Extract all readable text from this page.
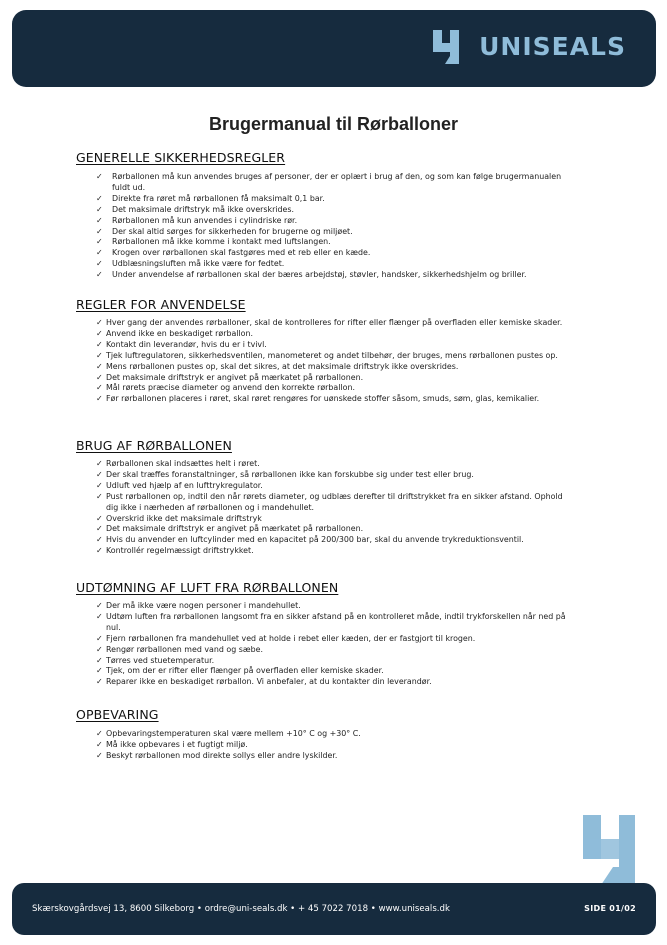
UNISEALS
Brugermanual til Rørballoner
GENERELLE SIKKERHEDSREGLER
✓ Rørballonen må kun anvendes bruges af personer, der er oplært i brug af den, og som kan følge brugermanualen fuldt ud.
✓ Direkte fra røret må rørballonen få maksimalt 0,1 bar.
✓ Det maksimale driftstryk må ikke overskrides.
✓ Rørballonen må kun anvendes i cylindriske rør.
✓ Der skal altid sørges for sikkerheden for brugerne og miljøet.
✓ Rørballonen må ikke komme i kontakt med luftslangen.
✓ Krogen over rørballonen skal fastgøres med et reb eller en kæde.
✓ Udblæsningsluften må ikke være for fedtet.
✓ Under anvendelse af rørballonen skal der bæres arbejdstøj, støvler, handsker, sikkerhedshjelm og briller.
REGLER FOR ANVENDELSE
✓ Hver gang der anvendes rørballoner, skal de kontrolleres for rifter eller flænger på overfladen eller kemiske skader.
✓ Anvend ikke en beskadiget rørballon.
✓ Kontakt din leverandør, hvis du er i tvivl.
✓ Tjek luftregulatoren, sikkerhedsventilen, manometeret og andet tilbehør, der bruges, mens rørballonen pustes op.
✓ Mens rørballonen pustes op, skal det sikres, at det maksimale driftstryk ikke overskrides.
✓ Det maksimale driftstryk er angivet på mærkatet på rørballonen.
✓ Mål rørets præcise diameter og anvend den korrekte rørballon.
✓ Før rørballonen placeres i røret, skal røret rengøres for uønskede stoffer såsom, smuds, søm, glas, kemikalier.
BRUG AF RØRBALLONEN
✓ Rørballonen skal indsættes helt i røret.
✓ Der skal træffes foranstaltninger, så rørballonen ikke kan forskubbe sig under test eller brug.
✓ Udluft ved hjælp af en lufttrykregulator.
✓ Pust rørballonen op, indtil den når rørets diameter, og udblæs derefter til driftstrykket fra en sikker afstand. Ophold dig ikke i nærheden af rørballonen og i mandehullet.
✓ Overskrid ikke det maksimale driftstryk
✓ Det maksimale driftstryk er angivet på mærkatet på rørballonen.
✓ Hvis du anvender en luftcylinder med en kapacitet på 200/300 bar, skal du anvende trykreduktionsventil.
✓ Kontrollér regelmæssigt driftstrykket.
UDTØMNING AF LUFT FRA RØRBALLONEN
✓ Der må ikke være nogen personer i mandehullet.
✓ Udtøm luften fra rørballonen langsomt fra en sikker afstand på en kontrolleret måde, indtil trykforskellen når ned på nul.
✓ Fjern rørballonen fra mandehullet ved at holde i rebet eller kæden, der er fastgjort til krogen.
✓ Rengør rørballonen med vand og sæbe.
✓ Tørres ved stuetemperatur.
✓ Tjek, om der er rifter eller flænger på overfladen eller kemiske skader.
✓ Reparer ikke en beskadiget rørballon. Vi anbefaler, at du kontakter din leverandør.
OPBEVARING
✓ Opbevaringstemperaturen skal være mellem +10° C og +30° C.
✓ Må ikke opbevares i et fugtigt miljø.
✓ Beskyt rørballonen mod direkte sollys eller andre lyskilder.
Skærskovgårdsvej 13, 8600 Silkeborg • ordre@uni-seals.dk • + 45 7022 7018 • www.uniseals.dk	SIDE 01/02
